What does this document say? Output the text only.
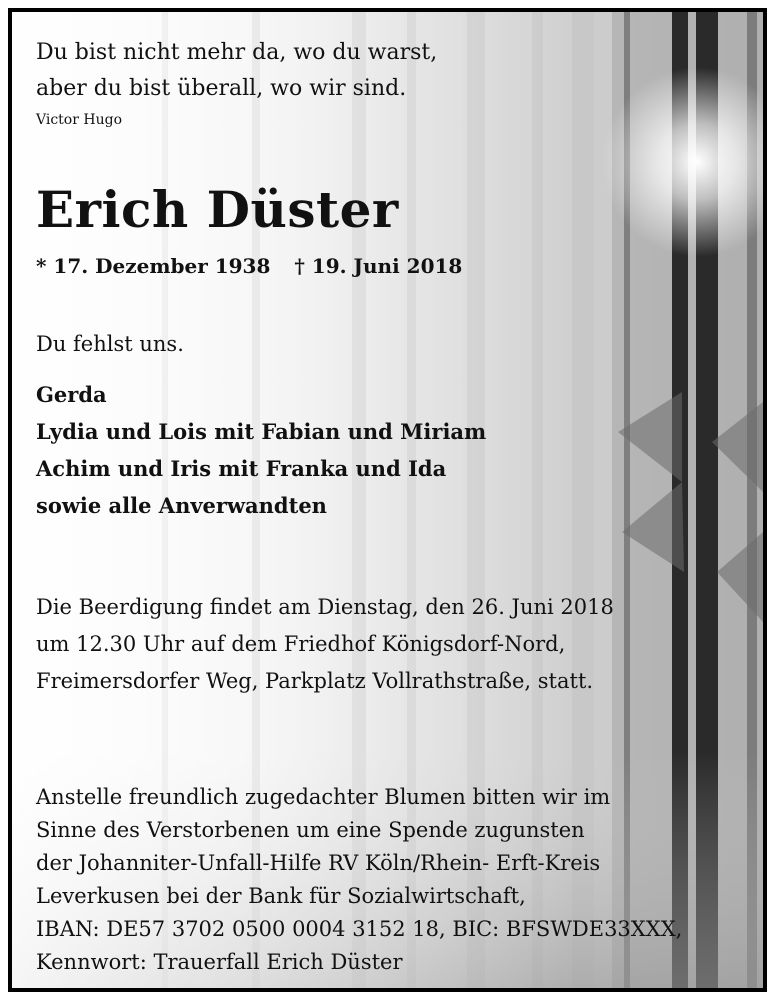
Du bist nicht mehr da, wo du warst,

aber du bist überall, wo wir sind.

Victor Hugo

Erich Düster

* 17. Dezember 1938 † 19. Juni 2018

Du fehlst uns.

Gerda

Lydia und Lois mit Fabian und Miriam

Achim und Iris mit Franka und Ida

sowie alle Anverwandten

Die Beerdigung findet am Dienstag, den 26. Juni 2018

um 12.30 Uhr auf dem Friedhof Königsdorf-Nord,

Freimersdorfer Weg, Parkplatz Vollrathstraße, statt.

Anstelle freundlich zugedachter Blumen bitten wir im

Sinne des Verstorbenen um eine Spende zugunsten

der Johanniter-Unfall-Hilfe RV Köln/Rhein- Erft-Kreis

Leverkusen bei der Bank für Sozialwirtschaft,

IBAN: DE57 3702 0500 0004 3152 18, BIC: BFSWDE33XXX,

Kennwort: Trauerfall Erich Düster
